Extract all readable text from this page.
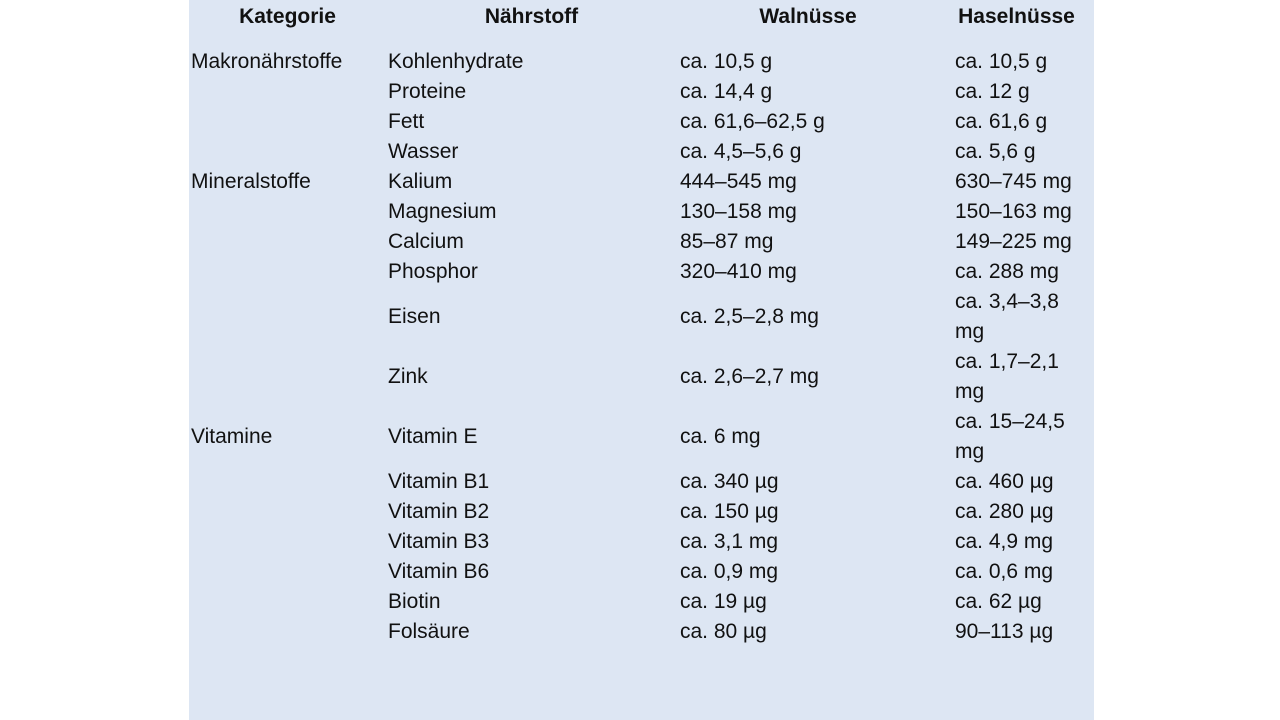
Kategorie	Nährstoff	Walnüsse	Haselnüsse

Makronährstoffe	Kohlenhydrate	ca. 10,5 g	ca. 10,5 g
	Proteine	ca. 14,4 g	ca. 12 g
	Fett	ca. 61,6–62,5 g	ca. 61,6 g
	Wasser	ca. 4,5–5,6 g	ca. 5,6 g
Mineralstoffe	Kalium	444–545 mg	630–745 mg
	Magnesium	130–158 mg	150–163 mg
	Calcium	85–87 mg	149–225 mg
	Phosphor	320–410 mg	ca. 288 mg
	Eisen	ca. 2,5–2,8 mg	ca. 3,4–3,8 mg
	Zink	ca. 2,6–2,7 mg	ca. 1,7–2,1 mg
Vitamine	Vitamin E	ca. 6 mg	ca. 15–24,5 mg
	Vitamin B1	ca. 340 µg	ca. 460 µg
	Vitamin B2	ca. 150 µg	ca. 280 µg
	Vitamin B3	ca. 3,1 mg	ca. 4,9 mg
	Vitamin B6	ca. 0,9 mg	ca. 0,6 mg
	Biotin	ca. 19 µg	ca. 62 µg
	Folsäure	ca. 80 µg	90–113 µg
